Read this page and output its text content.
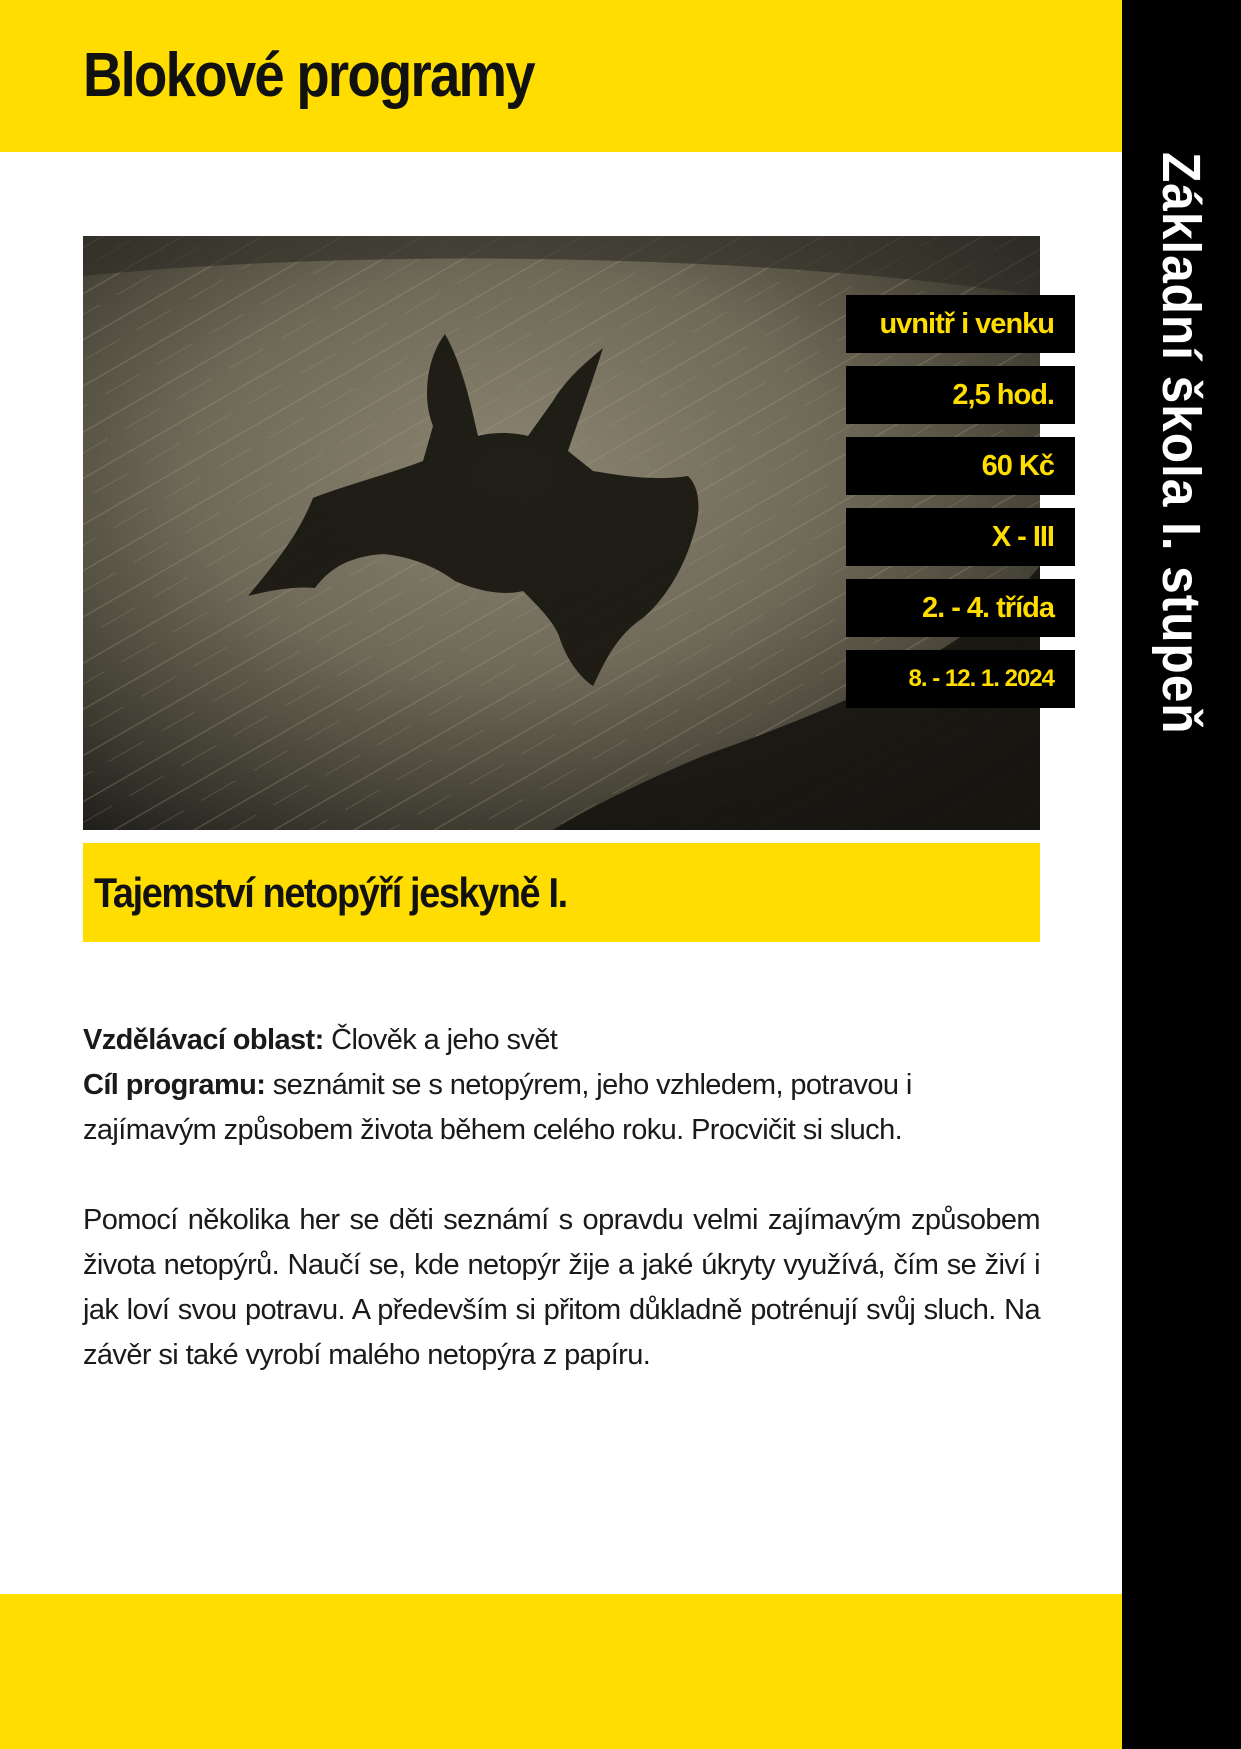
Blokové programy
Základní škola I. stupeň
uvnitř i venku
2,5 hod.
60 Kč
X - III
2. - 4. třída
8. - 12. 1. 2024
Tajemství netopýří jeskyně I.

Vzdělávací oblast: Člověk a jeho svět

Cíl programu: seznámit se s netopýrem, jeho vzhledem, potravou i zajímavým způsobem života během celého roku. Procvičit si sluch.

Pomocí několika her se děti seznámí s opravdu velmi zajímavým způsobem života netopýrů. Naučí se, kde netopýr žije a jaké úkryty využívá, čím se živí i jak loví svou potravu. A především si přitom důkladně potrénují svůj sluch. Na závěr si také vyrobí malého netopýra z papíru.
